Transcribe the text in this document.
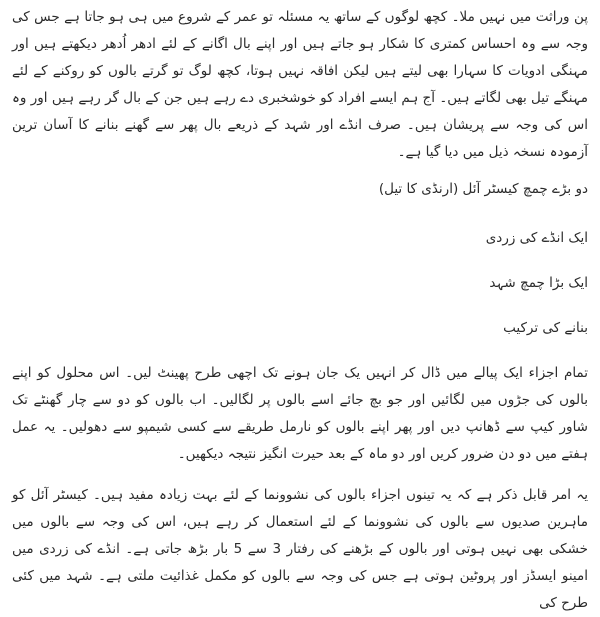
پن وراثت میں نہیں ملا۔ کچھ لوگوں کے ساتھ یہ مسئلہ تو عمر کے شروع میں ہی ہو جاتا ہے جس کی وجہ سے وہ احساس کمتری کا شکار ہو جاتے ہیں اور اپنے بال اگانے کے لئے ادھر اُدھر دیکھتے ہیں اور مہنگی ادویات کا سہارا بھی لیتے ہیں لیکن افاقہ نہیں ہوتا، کچھ لوگ تو گرتے بالوں کو روکنے کے لئے مہنگے تیل بھی لگاتے ہیں۔ آج ہم ایسے افراد کو خوشخبری دے رہے ہیں جن کے بال گر رہے ہیں اور وہ اس کی وجہ سے پریشان ہیں۔ صرف انڈے اور شہد کے ذریعے بال پھر سے گھنے بنانے کا آسان ترین آزمودہ نسخہ ذیل میں دیا گیا ہے۔

دو بڑے چمچ کیسٹر آئل (ارنڈی کا تیل)

ایک انڈے کی زردی

ایک بڑا چمچ شہد

بنانے کی ترکیب

تمام اجزاء ایک پیالے میں ڈال کر انہیں یک جان ہونے تک اچھی طرح پھینٹ لیں۔ اس محلول کو اپنے بالوں کی جڑوں میں لگائیں اور جو بچ جائے اسے بالوں پر لگالیں۔ اب بالوں کو دو سے چار گھنٹے تک شاور کیپ سے ڈھانپ دیں اور پھر اپنے بالوں کو نارمل طریقے سے کسی شیمپو سے دھولیں۔ یہ عمل ہفتے میں دو دن ضرور کریں اور دو ماہ کے بعد حیرت انگیز نتیجہ دیکھیں۔

یہ امر قابل ذکر ہے کہ یہ تینوں اجزاء بالوں کی نشوونما کے لئے بہت زیادہ مفید ہیں۔ کیسٹر آئل کو ماہرین صدیوں سے بالوں کی نشوونما کے لئے استعمال کر رہے ہیں، اس کی وجہ سے بالوں میں خشکی بھی نہیں ہوتی اور بالوں کے بڑھنے کی رفتار 3 سے 5 بار بڑھ جاتی ہے۔ انڈے کی زردی میں امینو ایسڈز اور پروٹین ہوتی ہے جس کی وجہ سے بالوں کو مکمل غذائیت ملتی ہے۔ شہد میں کئی طرح کی
